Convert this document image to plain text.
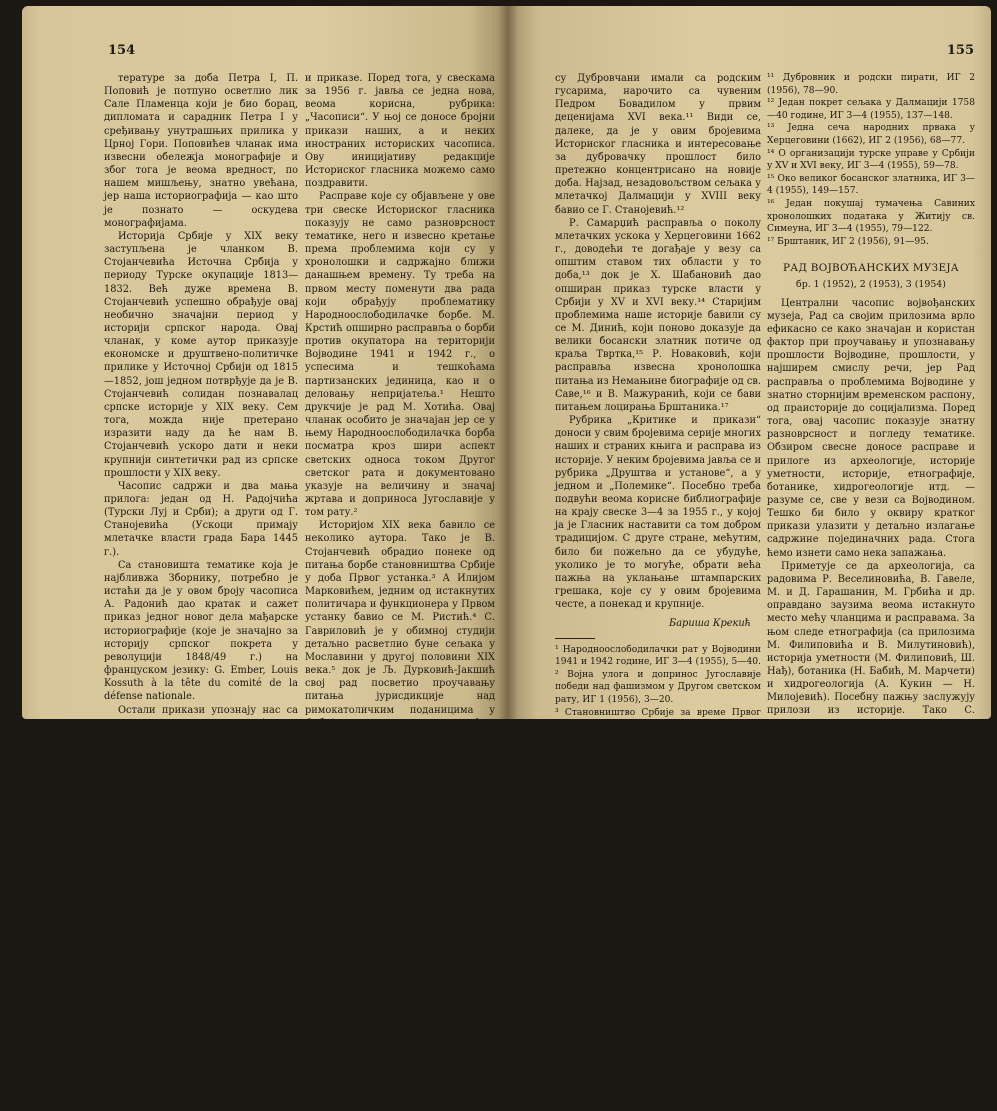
154

тературе за доба Петра I, П. Поповић је потпуно осветлио лик Сале Пламенца који је био борац, дипломата и сарадник Петра I у сређивању унутрашњих прилика у Црној Гори. Поповићев чланак има извесни обележја монографије и због тога је веома вредност, по нашем мишљењу, знатно увећана, јер наша историографија — као што је познато — оскудева монографијама.

Историја Србије у XIX веку заступљена је чланком В. Стојанчевића Источна Србија у периоду Турске окупације 1813—1832. Већ дуже времена В. Стојанчевић успешно обрађује овај необично значајни период у историји српског народа. Овај чланак, у коме аутор приказује економске и друштвено-политичке прилике у Источној Србији од 1815—1852, још једном потврђује да је В. Стојанчевић солидан познавалац српске историје у XIX веку. Сем тога, можда није претерано изразити наду да ће нам В. Стојанчевић ускоро дати и неки крупнији синтетички рад из српске прошлости у XIX веку.

Часопис садржи и два мања прилога: један од Н. Радојчића (Турски Луј и Срби); а други од Г. Станојевића (Ускоци примају млетачке власти града Бара 1445 г.).

Са становишта тематике која је најбливжа Зборнику, потребно је истаћи да је у овом броју часописа А. Радонић дао кратак и сажет приказ једног новог дела мађарске историографије (које је значајно за историју српског покрета у револуцији 1848/49 г.) на француском језику: G. Ember, Louis Kossuth à la tête du comité de la défense nationale.

Остали прикази упознају нас са новим издањима италијанске, совјетске и румунске историографије.

На крају да напоменемо да се у часопису могу наћи извештаји о међународним конгресима историчара: О X међународном конгресу за историске науке, одржаном у Риму 4—11 IX 1955 (И.Синдик), о X међународном конгресу византолога у Цариграду, 15—21 IX 1955 (М. Рајковић) и о XVIII конгресу историчара уметности (Д. Медаковић).

Никола Гаћеша

ИСТОРИСКИ ГЛАСНИК

3—4 (1955), 1 (1956), 2 (1956)

Као и раније, тако и ови бројеви Историског гласника, органа Историског друштва НР Србије, доносе у својим рубрикама чланке и расправе, мање прилоге, критике

и приказе. Поред тога, у свескама за 1956 г. јавља се једна нова, веома корисна, рубрика: „Часописи“. У њој се доносе бројни прикази наших, а и неких иностраних историских часописа. Ову иницијативу редакције Историског гласника можемо само поздравити.

Расправе које су објављене у ове три свеске Историског гласника показују не само разноврсност тематике, него и извесно кретање према проблемима који су у хронолошки и садржајно ближи данашњем времену. Ту треба на првом месту поменути два рада који обрађују проблематику Народноослободилачке борбе. М. Крстић опширно расправља о борби против окупатора на територији Војводине 1941 и 1942 г., о успесима и тешкоћама партизанских јединица, као и о деловању непријатеља.¹ Нешто друкчије је рад М. Хотића. Овај чланак особито је значајан јер се у њему Народноослободилачка борба посматра кроз шири аспект светских односа током Другог светског рата и документовано указује на величину и значај жртава и доприноса Југославије у том рату.²

Историјом XIX века бавило се неколико аутора. Тако је В. Стојанчевић обрадио понеке од питања борбе становништва Србије у доба Првог устанка.³ А Илијом Марковићем, једним од истакнутих политичара и функционера у Првом устанку бавио се М. Ристић.⁴ С. Гавриловић је у обимној студији детаљно расветлио буне сељака у Мославини у другој половини XIX века.⁵ док је Љ. Дурковић-Јакшић свој рад посветио проучавању питања јурисдикције над римокатоличким поданицима у Србији средином истог столећа.⁶ Најзад, В. Алексић опширно излаже досадашње француске правне прописе по питању проширења њихове територије 1867 г., што је био последњи поход који су наши ратници Црне Горе Руски.⁷

Мећу радовима који третирају проблематику XVIII века истиче их се неколико која се односе на Дубровник, а на првом месту опширна расправа В. Винавера о опадању дубровачке трговине на Балканском Полуострву у XVIII веку.⁸ Стварање довољно снажних домаћих елемената за одржавање директних економских веза са претставницима Запада одузело је Дубровчанима посредничку улогу коју су дотад играли у размени између Балкана и Запада и због тога је њихов удео у њој постепено опадао. Ж. Мулачић износи резултате проучавања дубровачке текстилне производње у XVIII веку,⁹ а И. Митић дубровачке конзулате у Кадиксу у другој половини истог столећа.¹⁰ Сем ових, Гласник доноси и рад др Б. Храбака о тешкоћама које

155

су Дубровчани имали са родским гусарима, нарочито са чувеним Педром Бовадилом у првим деценијама XVI века.¹¹ Види се, далеке, да је у овим бројевима Историског гласника и интересовање за дубровачку прошлост било претежно концентрисано на новије доба. Најзад, незадовољством сељака у млетачкој Далмацији у XVIII веку бавио се Г. Станојевић.¹²

Р. Самарџић расправља о поколу млетачких ускока у Херцеговини 1662 г., доводећи те догађаје у везу са општим ставом тих области у то доба,¹³ док је Х. Шабановић дао опширан приказ турске власти у Србији у XV и XVI веку.¹⁴ Старијим проблемима наше историје бавили су се М. Динић, који поново доказује да велики босански златник потиче од краља Твртка,¹⁵ Р. Новаковић, који расправља извесна хронолошка питања из Немањине биографије од св. Саве,¹⁶ и В. Мажуранић, који се бави питањем лоцирања Брштаника.¹⁷

Рубрика „Критике и прикази“ доноси у свим бројевима серије многих наших и страних књига и расправа из историје. У неким бројевима јавља се и рубрика „Друштва и установе“, а у једном и „Полемике“. Посебно треба подвући веома корисне библиографије на крају свеске 3—4 за 1955 г., у којој ја је Гласник наставити са том добром традицијом. С друге стране, мећутим, било би пожељно да се убудуће, уколико је то могуће, обрати већа пажња на уклањање штампарских грешака, које су у овим бројевима честе, а понекад и крупније.

Бариша Крекић

¹ Народноослободилачки рат у Војводини 1941 и 1942 године, ИГ 3—4 (1955), 5—40.

² Војна улога и допринос Југославије победи над фашизмом у Другом светском рату, ИГ 1 (1956), 3—20.

³ Становништво Србије за време Првог устанка, ИГ 3—4 (1955), 41—58.

⁴ Илија Марковић, ИГ 2 (1956), 37—45.

⁵ Покрет мославачких сељака 1815—16 године, ИГ 2 (1956), 3—36.

⁶ Аустрија и питање јурисдикције над римокатолицима у Кнежевини Србији 1851—1860, ИГ 2 (1956), 44—56.

⁷ Став Француске према захтевима Црне Горе за територијалним проширењем 1867 године, ИГ 3—4 (1955), 125—133.

⁸ Крај дубровачке трговине на Балкану, ИГ 1 (1956), 21—60.

⁹ О дубровачкој производњи текстила у XVIII столећу, ИГ 1 (1956), 61—70.

¹⁰ Дубровачки конзулат у Кадиксу, ИГ 2 (1956), 57—67.

¹¹ Дубровник и родски пирати, ИГ 2 (1956), 78—90.

¹² Један покрет сељака у Далмацији 1758—40 године, ИГ 3—4 (1955), 137—148.

¹³ Једна сеча народних првака у Херцеговини (1662), ИГ 2 (1956), 68—77.

¹⁴ О организацији турске управе у Србији у XV и XVI веку, ИГ 3—4 (1955), 59—78.

¹⁵ Око великог босанског златника, ИГ 3—4 (1955), 149—157.

¹⁶ Један покушај тумачења Савиних хронолошких података у Житију св. Симеуна, ИГ 3—4 (1955), 79—122.

¹⁷ Брштаник, ИГ 2 (1956), 91—95.

РАД ВОЈВОЋАНСКИХ МУЗЕЈА

бр. 1 (1952), 2 (1953), 3 (1954)

Централни часопис војвођанских музеја, Рад са својим прилозима врло ефикасно се како значајан и користан фактор при проучавању и упознавању прошлости Војводине, прошлости, у најширем смислу речи, јер Рад расправља о проблемима Војводине у знатно сторнијим временском распону, од праисторије до социјализма. Поред тога, овај часопис показује знатну разноврсност и погледу тематике. Обзиром свесне доносе расправе и прилоге из археологије, историје уметности, историје, етнографије, ботанике, хидрогеологије итд. — разуме се, све у вези са Војводином. Тешко би било у оквиру кратког прикази улазити у детаљно излагање садржине појединачних рада. Стога ћемо изнети само нека запажања.

Приметује се да археологија, са радовима Р. Веселиновића, В. Гавеле, М. и Д. Гарашанин, М. Грбића и др. оправдано заузима веома истакнуто место мећу чланцима и расправама. За њом следе етнографија (са прилозима М. Филиповића и В. Милутиновић), историја уметности (М. Филиповић, Ш. Нађ), ботаника (Н. Бабић, М. Марчети) и хидрогеологија (А. Кукин — Н. Милојевић). Посебну пажњу заслужују прилози из историје. Тако С. Атанацковић износи тврдњу да су Херодотови Агатирси били први познати становници Војводине (бр. 5, 75—79), а Б. Јанкулов се бави римским и варварским утврђењима из доба Северске Бачкој и Банату. У ово опширној расправи (бр. 1, 7—57), Јанкулов обухвата знатно више од онога што се у насловној наговештава, јер полази од доласка Римљана у Панонију, па описује римске путеве, римску управу у Војводини итд. Притом се, поред
